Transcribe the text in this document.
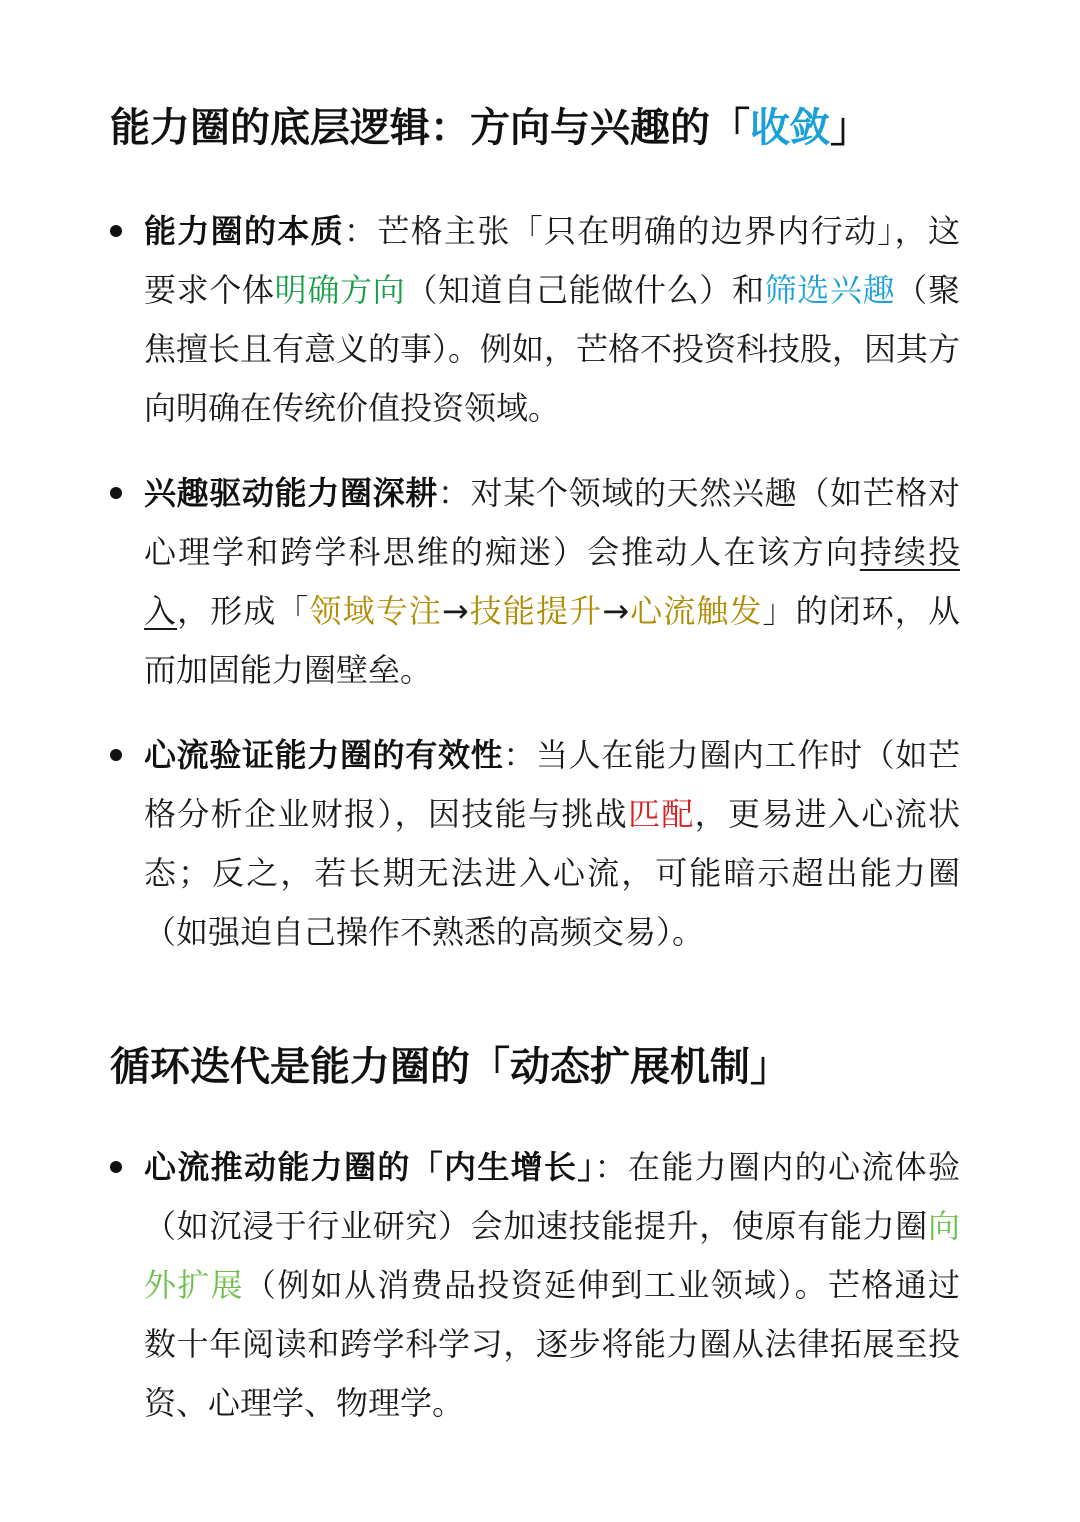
能力圈的底层逻辑：方向与兴趣的「收敛」
能力圈的本质：芒格主张「只在明确的边界内行动」，这要求个体明确方向（知道自己能做什么）和筛选兴趣（聚焦擅长且有意义的事）。例如，芒格不投资科技股，因其方向明确在传统价值投资领域。
兴趣驱动能力圈深耕：对某个领域的天然兴趣（如芒格对心理学和跨学科思维的痴迷）会推动人在该方向持续投入，形成「领域专注→技能提升→心流触发」的闭环，从而加固能力圈壁垒。
心流验证能力圈的有效性：当人在能力圈内工作时（如芒格分析企业财报），因技能与挑战匹配，更易进入心流状态；反之，若长期无法进入心流，可能暗示超出能力圈（如强迫自己操作不熟悉的高频交易）。
循环迭代是能力圈的「动态扩展机制」
心流推动能力圈的「内生增长」：在能力圈内的心流体验（如沉浸于行业研究）会加速技能提升，使原有能力圈向外扩展（例如从消费品投资延伸到工业领域）。芒格通过数十年阅读和跨学科学习，逐步将能力圈从法律拓展至投资、心理学、物理学。
